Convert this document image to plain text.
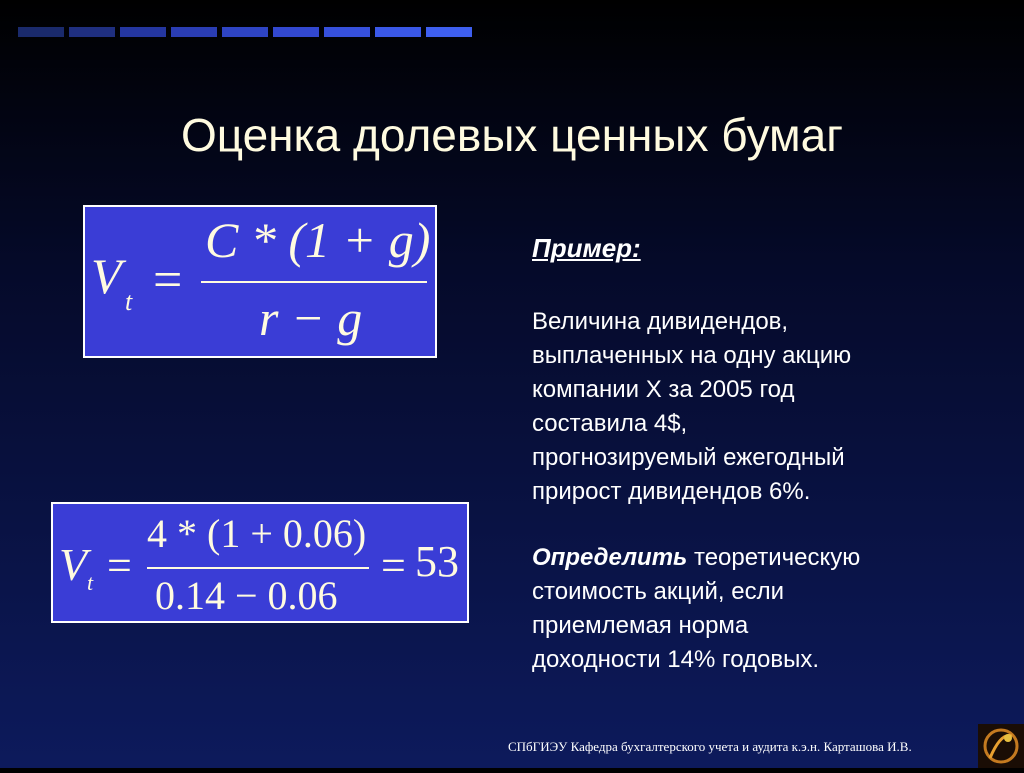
Оценка долевых ценных бумаг
V t =
C * (1 + g)
r − g
V t =
4 * (1 + 0.06)
0.14 − 0.06
= 53
Пример:
Величина дивидендов,
выплаченных на одну акцию
компании Х за 2005 год
составила 4$,
прогнозируемый ежегодный
прирост дивидендов 6%.
Определить теоретическую
стоимость акций, если
приемлемая норма
доходности 14% годовых.
СПбГИЭУ Кафедра бухгалтерского учета и аудита к.э.н. Карташова И.В.
